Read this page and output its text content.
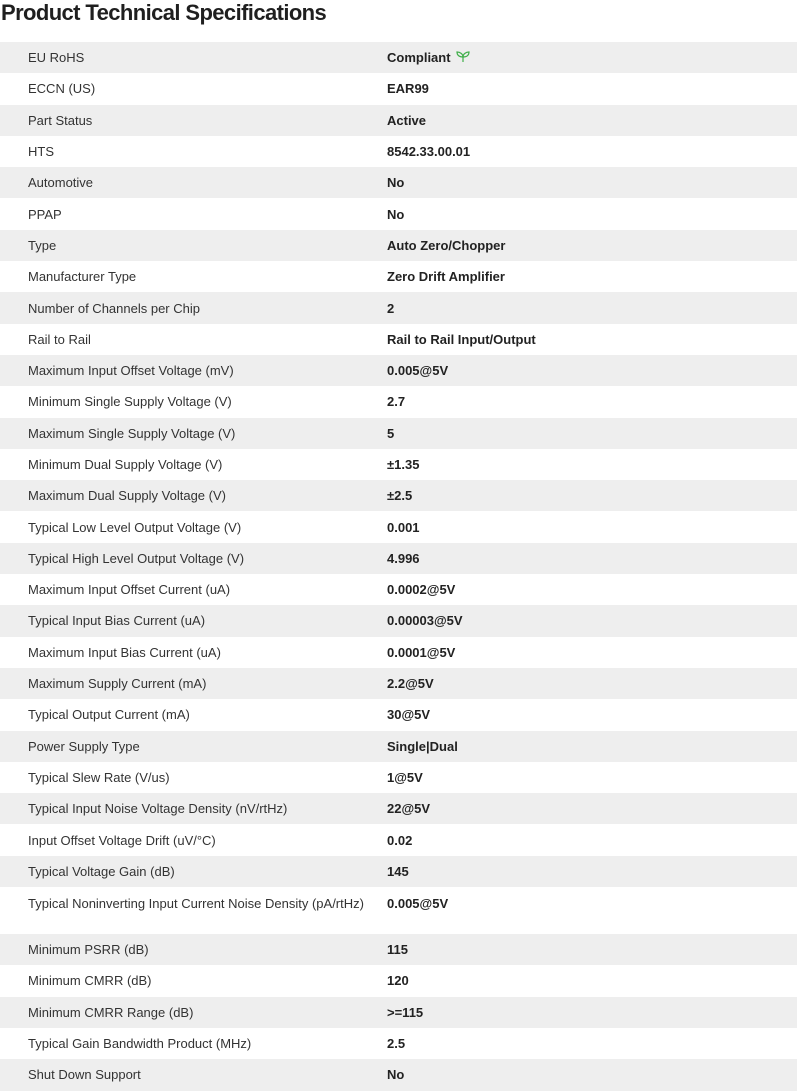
Product Technical Specifications
EU RoHS	Compliant
ECCN (US)	EAR99
Part Status	Active
HTS	8542.33.00.01
Automotive	No
PPAP	No
Type	Auto Zero/Chopper
Manufacturer Type	Zero Drift Amplifier
Number of Channels per Chip	2
Rail to Rail	Rail to Rail Input/Output
Maximum Input Offset Voltage (mV)	0.005@5V
Minimum Single Supply Voltage (V)	2.7
Maximum Single Supply Voltage (V)	5
Minimum Dual Supply Voltage (V)	±1.35
Maximum Dual Supply Voltage (V)	±2.5
Typical Low Level Output Voltage (V)	0.001
Typical High Level Output Voltage (V)	4.996
Maximum Input Offset Current (uA)	0.0002@5V
Typical Input Bias Current (uA)	0.00003@5V
Maximum Input Bias Current (uA)	0.0001@5V
Maximum Supply Current (mA)	2.2@5V
Typical Output Current (mA)	30@5V
Power Supply Type	Single|Dual
Typical Slew Rate (V/us)	1@5V
Typical Input Noise Voltage Density (nV/rtHz)	22@5V
Input Offset Voltage Drift (uV/°C)	0.02
Typical Voltage Gain (dB)	145
Typical Noninverting Input Current Noise Density (pA/rtHz)	0.005@5V
Minimum PSRR (dB)	115
Minimum CMRR (dB)	120
Minimum CMRR Range (dB)	>=115
Typical Gain Bandwidth Product (MHz)	2.5
Shut Down Support	No
